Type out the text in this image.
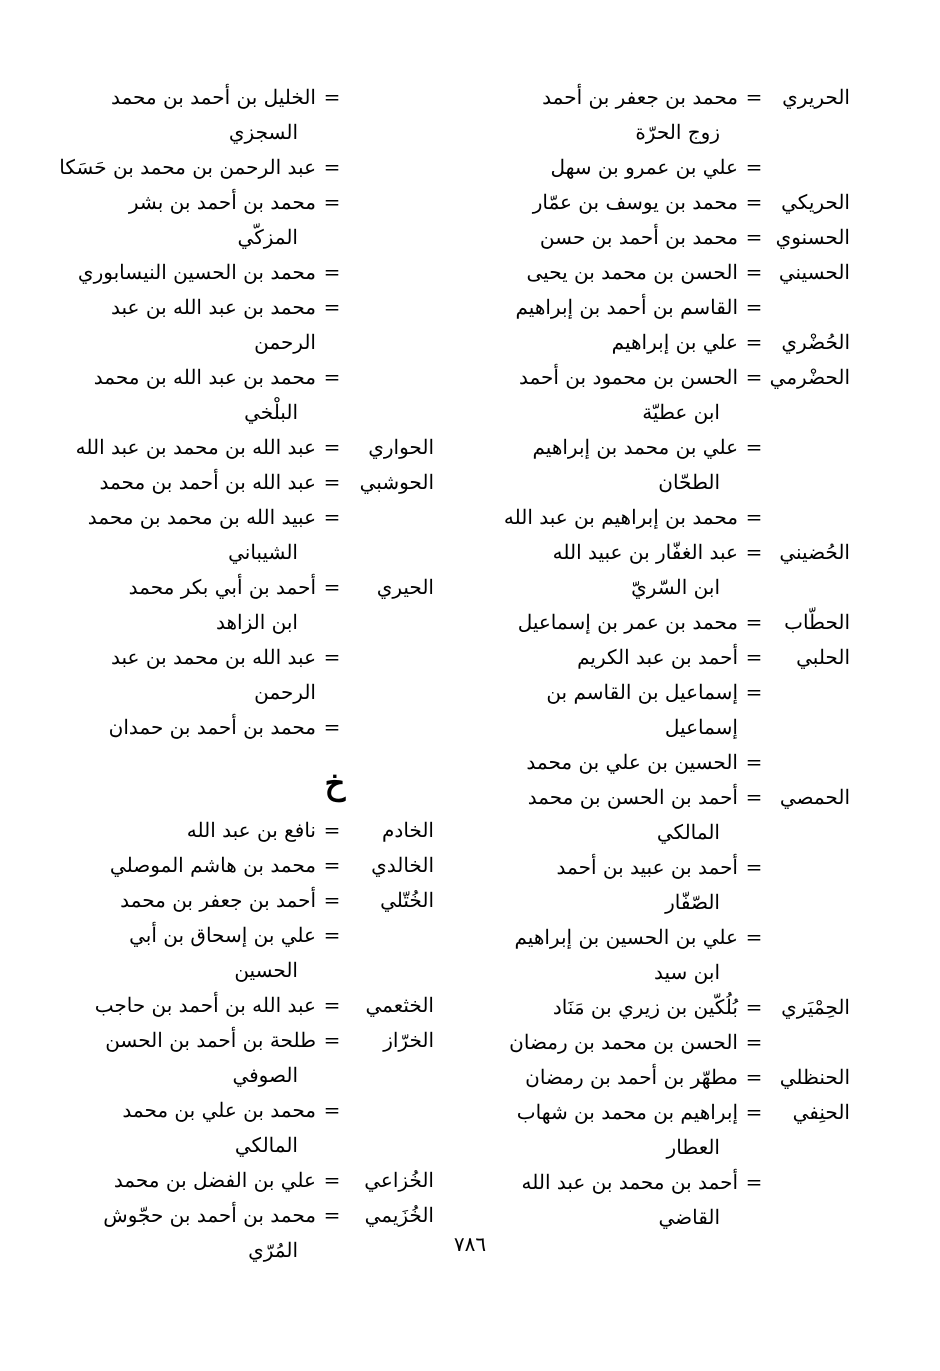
الحريري
=
محمد بن جعفر بن أحمد
زوج الحرّة
=
علي بن عمرو بن سهل
الحريكي
=
محمد بن يوسف بن عمّار
الحسنوي
=
محمد بن أحمد بن حسن
الحسيني
=
الحسن بن محمد بن يحيى
=
القاسم بن أحمد بن إبراهيم
الحُضْري
=
علي بن إبراهيم
الحضْرمي
=
الحسن بن محمود بن أحمد
ابن عطيّة
=
علي بن محمد بن إبراهيم
الطحّان
=
محمد بن إبراهيم بن عبد الله
الحُضيني
=
عبد الغفّار بن عبيد الله
ابن السّريّ
الحطّاب
=
محمد بن عمر بن إسماعيل
الحلبي
=
أحمد بن عبد الكريم
=
إسماعيل بن القاسم بن إسماعيل
=
الحسين بن علي بن محمد
الحمصي
=
أحمد بن الحسن بن محمد
المالكي
=
أحمد بن عبيد بن أحمد
الصّفّار
=
علي بن الحسين بن إبراهيم
ابن سيد
الحِمْيَري
=
بُلُكّين بن زيري بن مَنَاد
=
الحسن بن محمد بن رمضان
الحنظلي
=
مطهّر بن أحمد بن رمضان
الحنِفي
=
إبراهيم بن محمد بن شهاب
العطار
=
أحمد بن محمد بن عبد الله
القاضي
=
الخليل بن أحمد بن محمد
السجزي
=
عبد الرحمن بن محمد بن حَسَكا
=
محمد بن أحمد بن بشر
المزكّي
=
محمد بن الحسين النيسابوري
=
محمد بن عبد الله بن عبد الرحمن
=
محمد بن عبد الله بن محمد
البلْخي
الحواري
=
عبد الله بن محمد بن عبد الله
الحوشبي
=
عبد الله بن أحمد بن محمد
=
عبيد الله بن محمد بن محمد
الشيباني
الحيري
=
أحمد بن أبي بكر محمد
ابن الزاهد
=
عبد الله بن محمد بن عبد الرحمن
=
محمد بن أحمد بن حمدان
خ
الخادم
=
نافع بن عبد الله
الخالدي
=
محمد بن هاشم الموصلي
الخُتّلي
=
أحمد بن جعفر بن محمد
=
علي بن إسحاق بن أبي
الحسين
الخثعمي
=
عبد الله بن أحمد بن حاجب
الخرّاز
=
طلحة بن أحمد بن الحسن
الصوفي
=
محمد بن علي بن محمد
المالكي
الخُزاعي
=
علي بن الفضل بن محمد
الخُزَيمي
=
محمد بن أحمد بن حجّوش
المُرّي	٧٨٦
